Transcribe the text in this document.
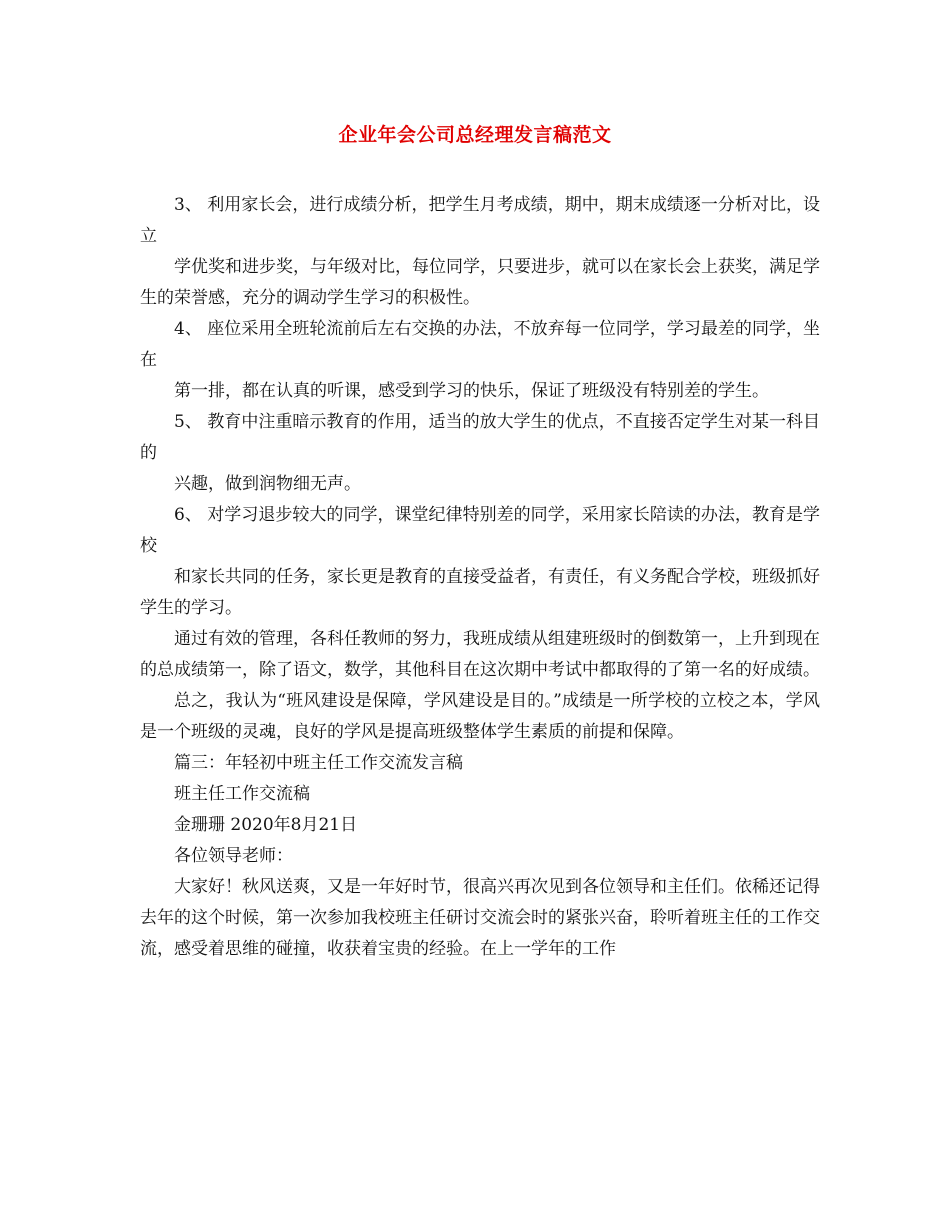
企业年会公司总经理发言稿范文

3、 利用家长会，进行成绩分析，把学生月考成绩，期中，期末成绩逐一分析对比，设立

学优奖和进步奖，与年级对比，每位同学，只要进步，就可以在家长会上获奖，满足学生的荣誉感，充分的调动学生学习的积极性。

4、 座位采用全班轮流前后左右交换的办法，不放弃每一位同学，学习最差的同学，坐在

第一排，都在认真的听课，感受到学习的快乐，保证了班级没有特别差的学生。

5、 教育中注重暗示教育的作用，适当的放大学生的优点，不直接否定学生对某一科目的

兴趣，做到润物细无声。

6、 对学习退步较大的同学，课堂纪律特别差的同学，采用家长陪读的办法，教育是学校

和家长共同的任务，家长更是教育的直接受益者，有责任，有义务配合学校，班级抓好学生的学习。

通过有效的管理，各科任教师的努力，我班成绩从组建班级时的倒数第一，上升到现在的总成绩第一，除了语文，数学，其他科目在这次期中考试中都取得的了第一名的好成绩。

总之，我认为“班风建设是保障，学风建设是目的。”成绩是一所学校的立校之本，学风是一个班级的灵魂，良好的学风是提高班级整体学生素质的前提和保障。

篇三：年轻初中班主任工作交流发言稿

班主任工作交流稿

金珊珊 2020年8月21日

各位领导老师：

大家好！秋风送爽，又是一年好时节，很高兴再次见到各位领导和主任们。依稀还记得去年的这个时候，第一次参加我校班主任研讨交流会时的紧张兴奋，聆听着班主任的工作交流，感受着思维的碰撞，收获着宝贵的经验。在上一学年的工作
